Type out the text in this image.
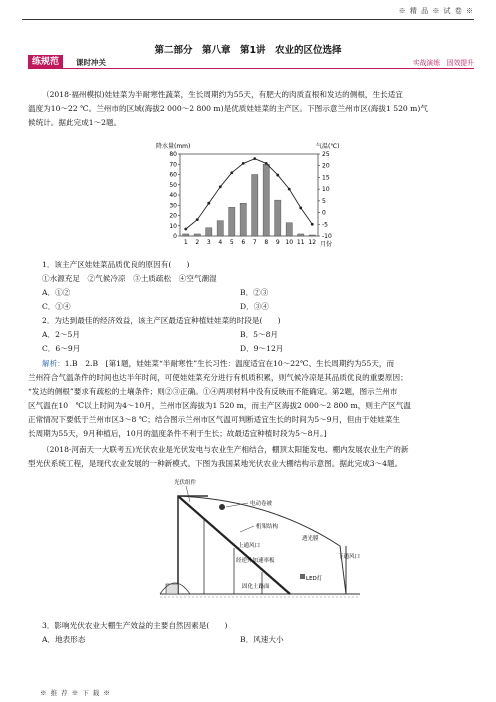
※ 精 品 ※ 试 卷 ※
第二部分　第八章　第1讲　农业的区位选择
练规范	课时冲关	实战演练　固效提升
（2018·福州模拟)娃娃菜为半耐寒性蔬菜，生长周期约为55天，有肥大的肉质直根和发达的侧根，生长适宜
温度为10～22 ℃。兰州市的区域(海拔2 000～2 800 m)是优质娃娃菜的主产区。下图示意兰州市区(海拔1 520 m)气
候统计。据此完成1～2题。
降水量(mm)	气温(℃)
月份
0
10
20
30
40
50
60
70
80
-10
-5
0
5
10
15
20
25
1 2 3 4 5 6 7 8 9 10 11 12
1．该主产区娃娃菜品质优良的原因有(　　)
①水源充足　②气候冷凉　③土质疏松　④空气潮湿
A．①②	B．②③
C．①④	D．③④
2．为达到最佳的经济效益，该主产区最适宜种植娃娃菜的时段是(　　)
A．2～5月	B．5～8月
C．6～9月	D．9～12月
解析：1.B　2.B　[第1题，娃娃菜“半耐寒性”生长习性：温度适宜在10～22℃、生长周期约为55天，而
兰州符合气温条件的时间也达半年时间，可使娃娃菜充分进行有机质积累，则气候冷凉是其品质优良的重要原因；
“发达的侧根”要求有疏松的土壤条件；则②③正确。①④两项材料中没有反映而不能确定。第2题，图示兰州市
区气温在10　℃以上时间为4～10月，兰州市区海拔为1 520 m，而主产区海拔2 000～2 800 m，则主产区气温
正常情况下要低于兰州市区3～8 ℃；结合图示兰州市区气温可判断适宜生长的时间为5～9月，但由于娃娃菜生
长周期为55天，9月种植后，10月的温度条件不利于生长；故最适宜种植时段为5～8月。]
（2018·河南天一大联考五)光伏农业是光伏发电与农业生产相结合，棚顶太阳能发电、棚内发展农业生产的新
型光伏系统工程，是现代农业发展的一种新模式。下图为我国某地光伏农业大棚结构示意图。据此完成3～4题。
光伏组件
电动卷被
桁架结构
透光膜
上通风口
下通风口
经逆外加速率板
LED灯
固化土路面
3．影响光伏农业大棚生产效益的主要自然因素是(　　)
A．地表形态	B．风速大小
※ 推 荐 ※ 下 载 ※
